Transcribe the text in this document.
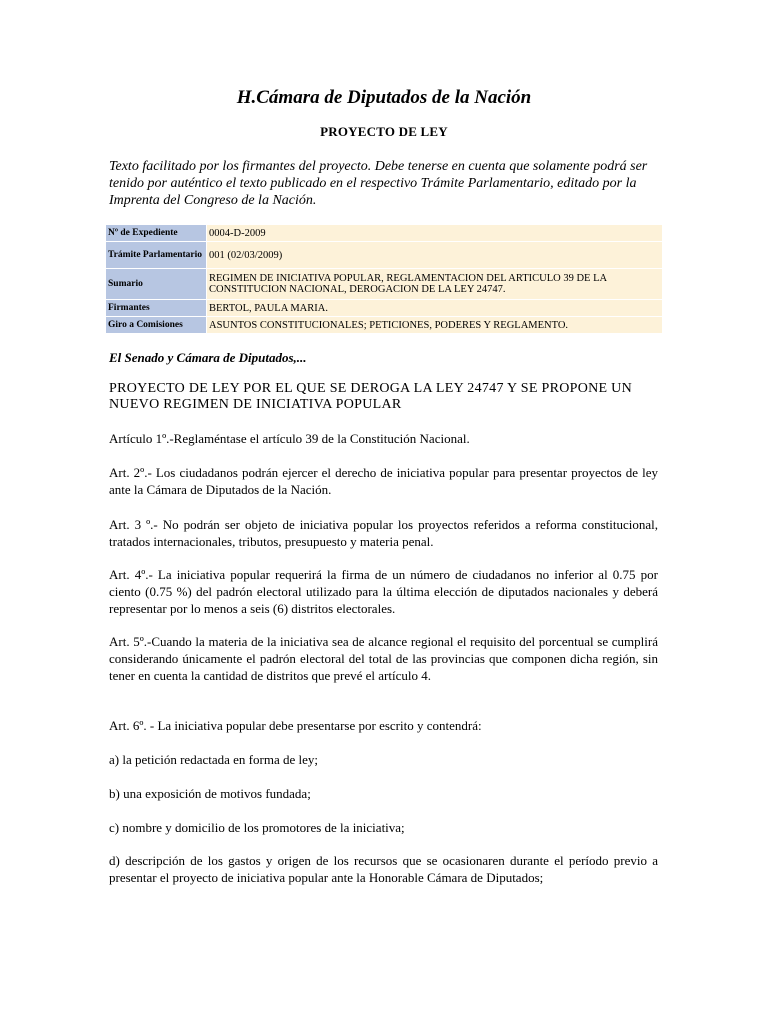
H.Cámara de Diputados de la Nación
PROYECTO DE LEY
Texto facilitado por los firmantes del proyecto. Debe tenerse en cuenta que solamente podrá ser tenido por auténtico el texto publicado en el respectivo Trámite Parlamentario, editado por la Imprenta del Congreso de la Nación.
Nº de Expediente	0004-D-2009
Trámite Parlamentario	001 (02/03/2009)
Sumario	REGIMEN DE INICIATIVA POPULAR, REGLAMENTACION DEL ARTICULO 39 DE LA CONSTITUCION NACIONAL, DEROGACION DE LA LEY 24747.
Firmantes	BERTOL, PAULA MARIA.
Giro a Comisiones	ASUNTOS CONSTITUCIONALES; PETICIONES, PODERES Y REGLAMENTO.
El Senado y Cámara de Diputados,...
PROYECTO DE LEY POR EL QUE SE DEROGA LA LEY 24747 Y SE PROPONE UN NUEVO REGIMEN DE INICIATIVA POPULAR
Artículo 1º.-Reglaméntase el artículo 39 de la Constitución Nacional.
Art. 2º.- Los ciudadanos podrán ejercer el derecho de iniciativa popular para presentar proyectos de ley ante la Cámara de Diputados de la Nación.
Art. 3 º.- No podrán ser objeto de iniciativa popular los proyectos referidos a reforma constitucional, tratados internacionales, tributos, presupuesto y materia penal.
Art. 4º.- La iniciativa popular requerirá la firma de un número de ciudadanos no inferior al 0.75 por ciento (0.75 %) del padrón electoral utilizado para la última elección de diputados nacionales y deberá representar por lo menos a seis (6) distritos electorales.
Art. 5º.-Cuando la materia de la iniciativa sea de alcance regional el requisito del porcentual se cumplirá considerando únicamente el padrón electoral del total de las provincias que componen dicha región, sin tener en cuenta la cantidad de distritos que prevé el artículo 4.
Art. 6º. - La iniciativa popular debe presentarse por escrito y contendrá:
a) la petición redactada en forma de ley;
b) una exposición de motivos fundada;
c) nombre y domicilio de los promotores de la iniciativa;
d) descripción de los gastos y origen de los recursos que se ocasionaren durante el período previo a presentar el proyecto de iniciativa popular ante la Honorable Cámara de Diputados;
